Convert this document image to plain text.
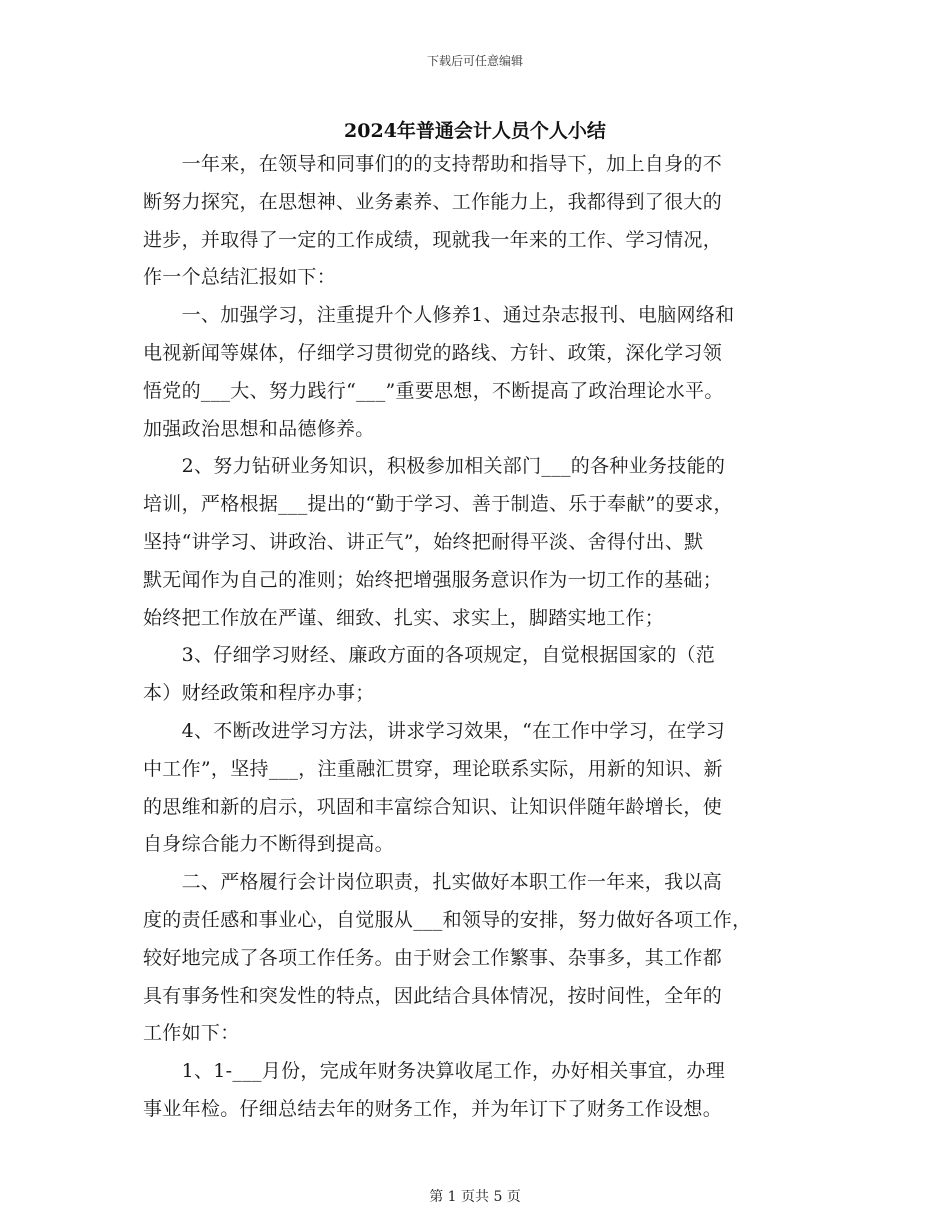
下载后可任意编辑
2024年普通会计人员个人小结
　　一年来，在领导和同事们的的支持帮助和指导下，加上自身的不
断努力探究，在思想神、业务素养、工作能力上，我都得到了很大的
进步，并取得了一定的工作成绩，现就我一年来的工作、学习情况，
作一个总结汇报如下：
　　一、加强学习，注重提升个人修养1、通过杂志报刊、电脑网络和
电视新闻等媒体，仔细学习贯彻党的路线、方针、政策，深化学习领
悟党的___大、努力践行“___”重要思想，不断提高了政治理论水平。
加强政治思想和品德修养。
　　2、努力钻研业务知识，积极参加相关部门___的各种业务技能的
培训，严格根据___提出的“勤于学习、善于制造、乐于奉献”的要求，
坚持“讲学习、讲政治、讲正气”，始终把耐得平淡、舍得付出、默
默无闻作为自己的准则；始终把增强服务意识作为一切工作的基础；
始终把工作放在严谨、细致、扎实、求实上，脚踏实地工作；
　　3、仔细学习财经、廉政方面的各项规定，自觉根据国家的（范
本）财经政策和程序办事；
　　4、不断改进学习方法，讲求学习效果，“在工作中学习，在学习
中工作”，坚持___，注重融汇贯穿，理论联系实际，用新的知识、新
的思维和新的启示，巩固和丰富综合知识、让知识伴随年龄增长，使
自身综合能力不断得到提高。
　　二、严格履行会计岗位职责，扎实做好本职工作一年来，我以高
度的责任感和事业心，自觉服从___和领导的安排，努力做好各项工作，
较好地完成了各项工作任务。由于财会工作繁事、杂事多，其工作都
具有事务性和突发性的特点，因此结合具体情况，按时间性，全年的
工作如下：
　　1、1-___月份，完成年财务决算收尾工作，办好相关事宜，办理
事业年检。仔细总结去年的财务工作，并为年订下了财务工作设想。
第 1 页共 5 页
